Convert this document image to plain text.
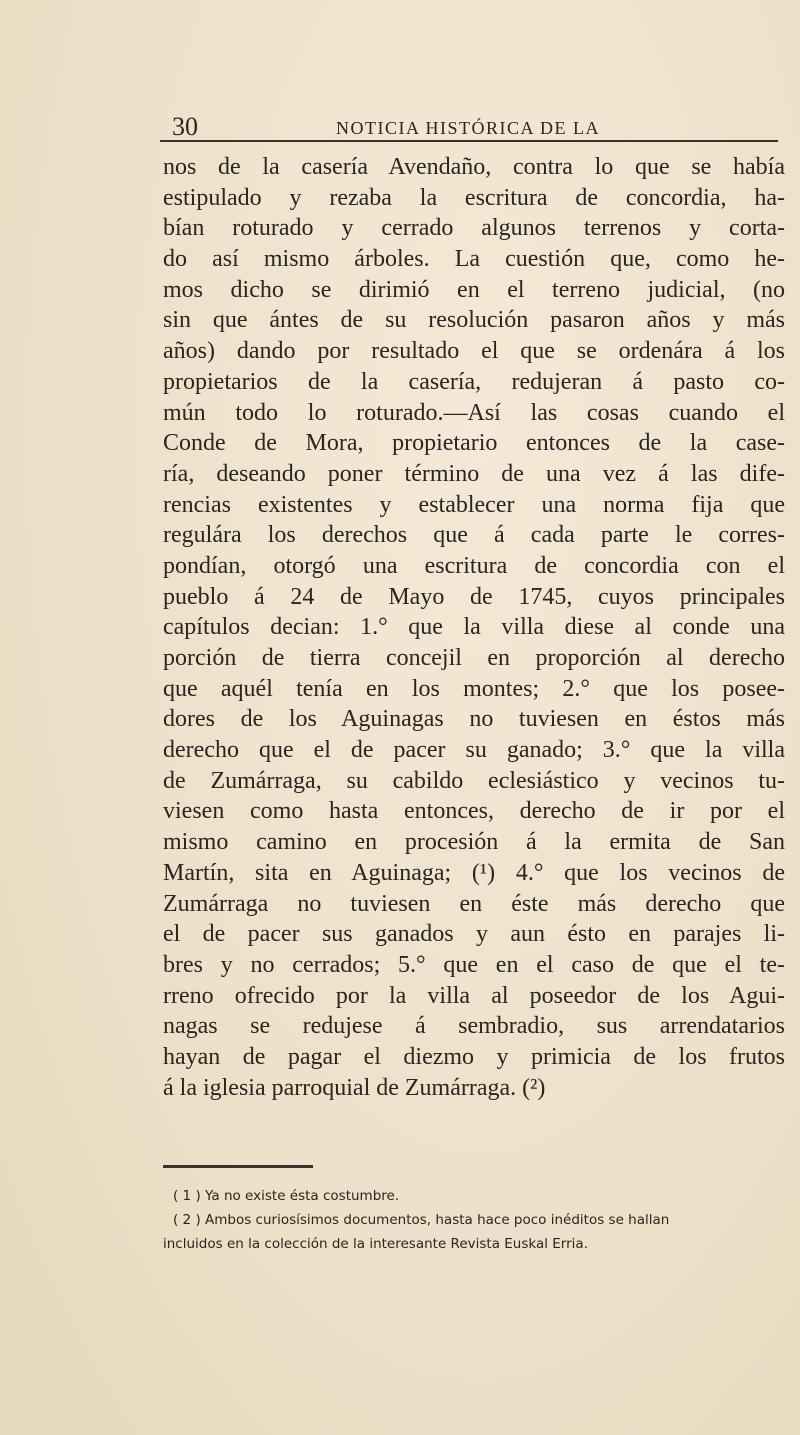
30	NOTICIA HISTÓRICA DE LA
nos de la casería Avendaño, contra lo que se había
estipulado y rezaba la escritura de concordia, ha-
bían roturado y cerrado algunos terrenos y corta-
do así mismo árboles. La cuestión que, como he-
mos dicho se dirimió en el terreno judicial, (no
sin que ántes de su resolución pasaron años y más
años) dando por resultado el que se ordenára á los
propietarios de la casería, redujeran á pasto co-
mún todo lo roturado.—Así las cosas cuando el
Conde de Mora, propietario entonces de la case-
ría, deseando poner término de una vez á las dife-
rencias existentes y establecer una norma fija que
regulára los derechos que á cada parte le corres-
pondían, otorgó una escritura de concordia con el
pueblo á 24 de Mayo de 1745, cuyos principales
capítulos decian: 1.° que la villa diese al conde una
porción de tierra concejil en proporción al derecho
que aquél tenía en los montes; 2.° que los posee-
dores de los Aguinagas no tuviesen en éstos más
derecho que el de pacer su ganado; 3.° que la villa
de Zumárraga, su cabildo eclesiástico y vecinos tu-
viesen como hasta entonces, derecho de ir por el
mismo camino en procesión á la ermita de San
Martín, sita en Aguinaga; (¹) 4.° que los vecinos de
Zumárraga no tuviesen en éste más derecho que
el de pacer sus ganados y aun ésto en parajes li-
bres y no cerrados; 5.° que en el caso de que el te-
rreno ofrecido por la villa al poseedor de los Agui-
nagas se redujese á sembradio, sus arrendatarios
hayan de pagar el diezmo y primicia de los frutos
á la iglesia parroquial de Zumárraga. (²)
( 1 ) Ya no existe ésta costumbre.
( 2 ) Ambos curiosísimos documentos, hasta hace poco inéditos se hallan
incluidos en la colección de la interesante Revista Euskal Erria.
